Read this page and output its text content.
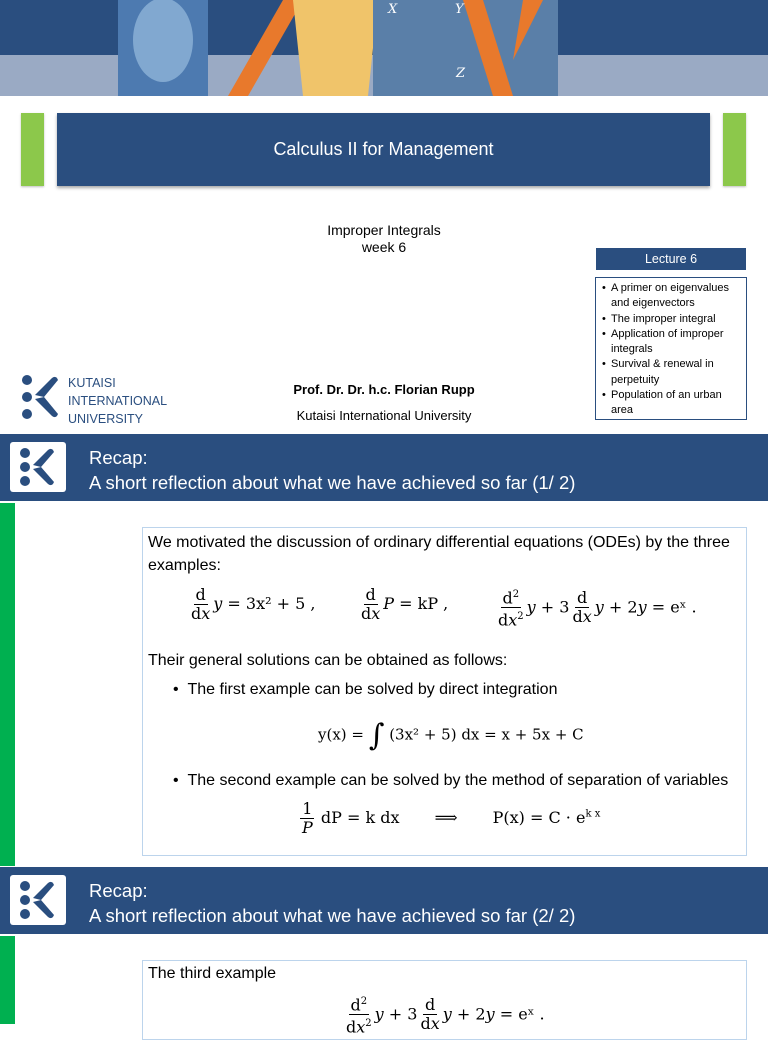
X	Y
Z
Calculus II for Management
Improper Integrals
week 6
Lecture 6
• A primer on eigenvalues and eigenvectors
• The improper integral
• Application of improper integrals
• Survival & renewal in perpetuity
• Population of an urban area
KUTAISI
INTERNATIONAL
UNIVERSITY
Prof. Dr. Dr. h.c. Florian Rupp
Kutaisi International University
Recap:
A short reflection about what we have achieved so far (1/ 2)
We motivated the discussion of ordinary differential equations (ODEs) by the three
examples:
$\frac{d}{dx}$ y = 3x² + 5 ,	$\frac{d}{dx}$ P = kP ,	$\frac{d^2}{dx^2}$ $y + 3 \frac{d}{dx}$ y + 2y = eˣ .
Their general solutions can be obtained as follows:
•  The first example can be solved by direct integration
y(x) = ∫ (3x² + 5) dx = x + 5x + C
•  The second example can be solved by the method of separation of variables
$\frac{1}{P}$ dP = k dx ⟹ $P(x) = C \cdot e^{k x}$
Recap:
A short reflection about what we have achieved so far (2/ 2)
The third example
$\frac{d^2}{dx^2}$ $y + 3 \frac{d}{dx}$ y + 2y = eˣ .
